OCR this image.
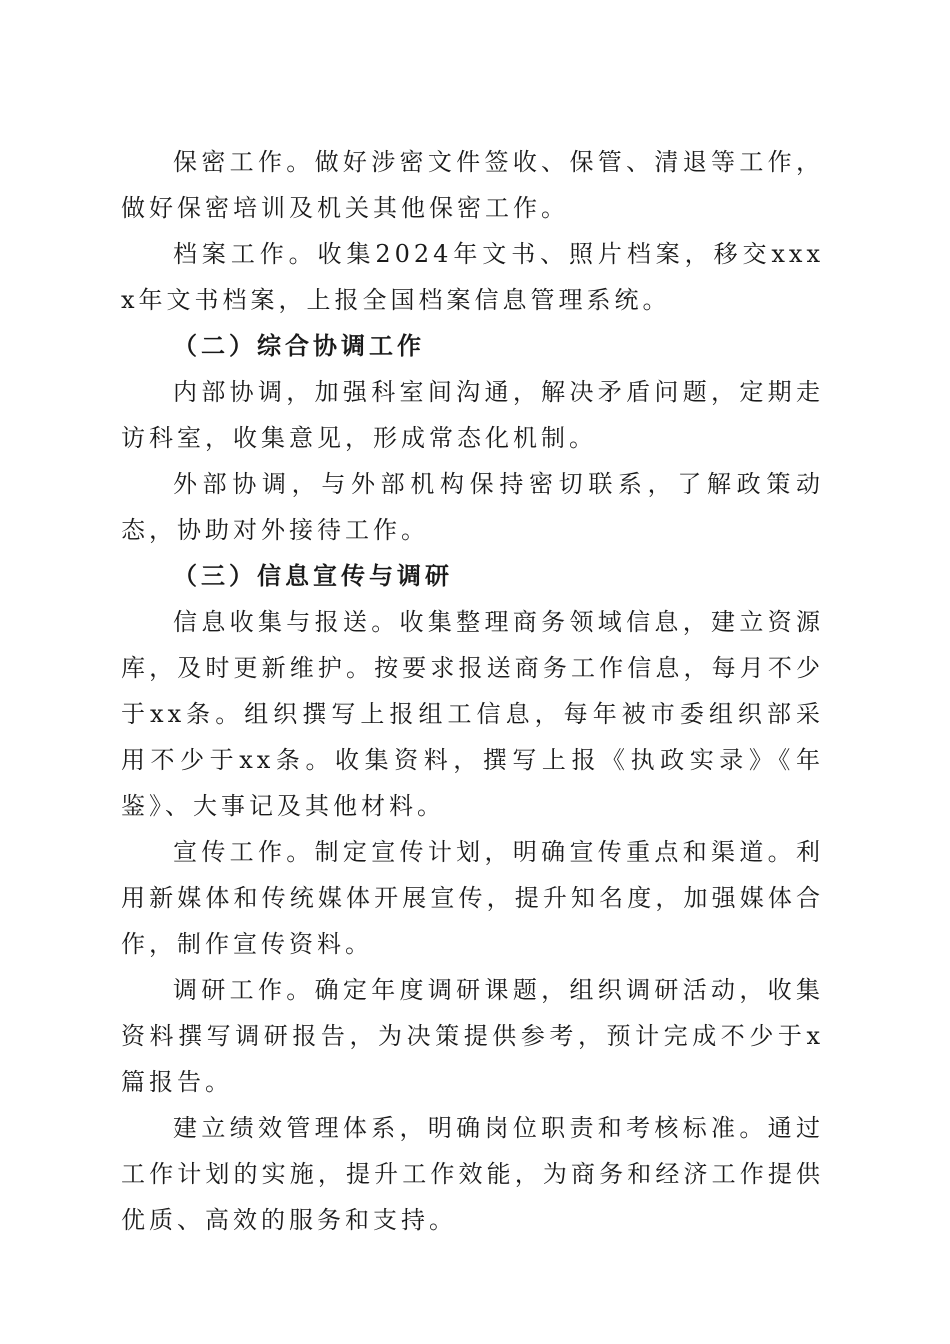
保密工作。做好涉密文件签收、保管、清退等工作，做好保密培训及机关其他保密工作。

档案工作。收集2024年文书、照片档案，移交xxxx年文书档案，上报全国档案信息管理系统。

（二）综合协调工作

内部协调，加强科室间沟通，解决矛盾问题，定期走访科室，收集意见，形成常态化机制。

外部协调，与外部机构保持密切联系，了解政策动态，协助对外接待工作。

（三）信息宣传与调研

信息收集与报送。收集整理商务领域信息，建立资源库，及时更新维护。按要求报送商务工作信息，每月不少于xx条。组织撰写上报组工信息，每年被市委组织部采用不少于xx条。收集资料，撰写上报《执政实录》《年鉴》、大事记及其他材料。

宣传工作。制定宣传计划，明确宣传重点和渠道。利用新媒体和传统媒体开展宣传，提升知名度，加强媒体合作，制作宣传资料。

调研工作。确定年度调研课题，组织调研活动，收集资料撰写调研报告，为决策提供参考，预计完成不少于x篇报告。

建立绩效管理体系，明确岗位职责和考核标准。通过工作计划的实施，提升工作效能，为商务和经济工作提供优质、高效的服务和支持。
